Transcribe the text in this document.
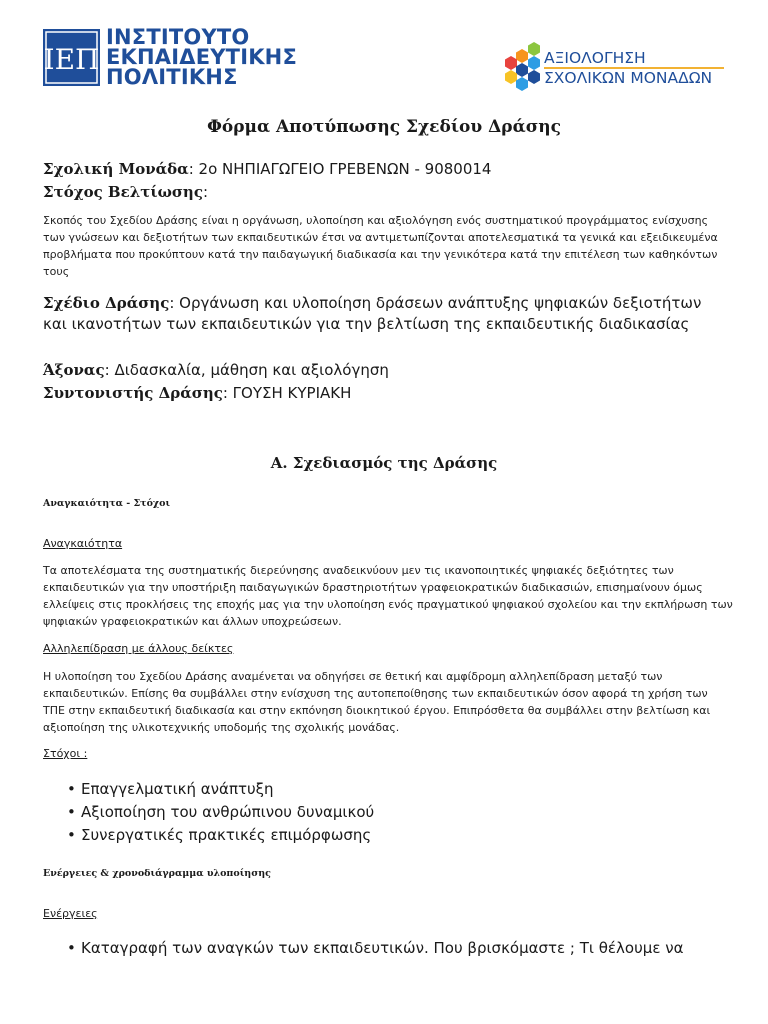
ΙΕΠ
ΙΝΣΤΙΤΟΥΤΟ
ΕΚΠΑΙΔΕΥΤΙΚΗΣ
ΠΟΛΙΤΙΚΗΣ
ΑΞΙΟΛΟΓΗΣΗ
ΣΧΟΛΙΚΩΝ ΜΟΝΑΔΩΝ
Φόρμα Αποτύπωσης Σχεδίου Δράσης
Σχολική Μονάδα: 2ο ΝΗΠΙΑΓΩΓΕΙΟ ΓΡΕΒΕΝΩΝ - 9080014
Στόχος Βελτίωσης:
Σκοπός του Σχεδίου Δράσης είναι η οργάνωση, υλοποίηση και αξιολόγηση ενός συστηματικού προγράμματος ενίσχυσης των γνώσεων και δεξιοτήτων των εκπαιδευτικών έτσι να αντιμετωπίζονται αποτελεσματικά τα γενικά και εξειδικευμένα προβλήματα που προκύπτουν κατά την παιδαγωγική διαδικασία και την γενικότερα κατά την επιτέλεση των καθηκόντων τους
Σχέδιο Δράσης: Οργάνωση και υλοποίηση δράσεων ανάπτυξης ψηφιακών δεξιοτήτων και ικανοτήτων των εκπαιδευτικών για την βελτίωση της εκπαιδευτικής διαδικασίας
Άξονας: Διδασκαλία, μάθηση και αξιολόγηση
Συντονιστής Δράσης: ΓΟΥΣΗ ΚΥΡΙΑΚΗ
Α. Σχεδιασμός της Δράσης
Αναγκαιότητα - Στόχοι
Αναγκαιότητα
Τα αποτελέσματα της συστηματικής διερεύνησης αναδεικνύουν μεν τις ικανοποιητικές ψηφιακές δεξιότητες των εκπαιδευτικών για την υποστήριξη παιδαγωγικών δραστηριοτήτων γραφειοκρατικών διαδικασιών, επισημαίνουν όμως ελλείψεις στις προκλήσεις της εποχής μας για την υλοποίηση ενός πραγματικού ψηφιακού σχολείου και την εκπλήρωση των ψηφιακών γραφειοκρατικών και άλλων υποχρεώσεων.
Αλληλεπίδραση με άλλους δείκτες
Η υλοποίηση του Σχεδίου Δράσης αναμένεται να οδηγήσει σε θετική και αμφίδρομη αλληλεπίδραση μεταξύ των εκπαιδευτικών. Επίσης θα συμβάλλει στην ενίσχυση της αυτοπεποίθησης των εκπαιδευτικών όσον αφορά τη χρήση των ΤΠΕ στην εκπαιδευτική διαδικασία και στην εκπόνηση διοικητικού έργου. Επιπρόσθετα θα συμβάλλει στην βελτίωση και αξιοποίηση της υλικοτεχνικής υποδομής της σχολικής μονάδας.
Στόχοι :
• Επαγγελματική ανάπτυξη
• Αξιοποίηση του ανθρώπινου δυναμικού
• Συνεργατικές πρακτικές επιμόρφωσης
Ενέργειες & χρονοδιάγραμμα υλοποίησης
Ενέργειες
• Καταγραφή των αναγκών των εκπαιδευτικών. Που βρισκόμαστε ; Τι θέλουμε να
